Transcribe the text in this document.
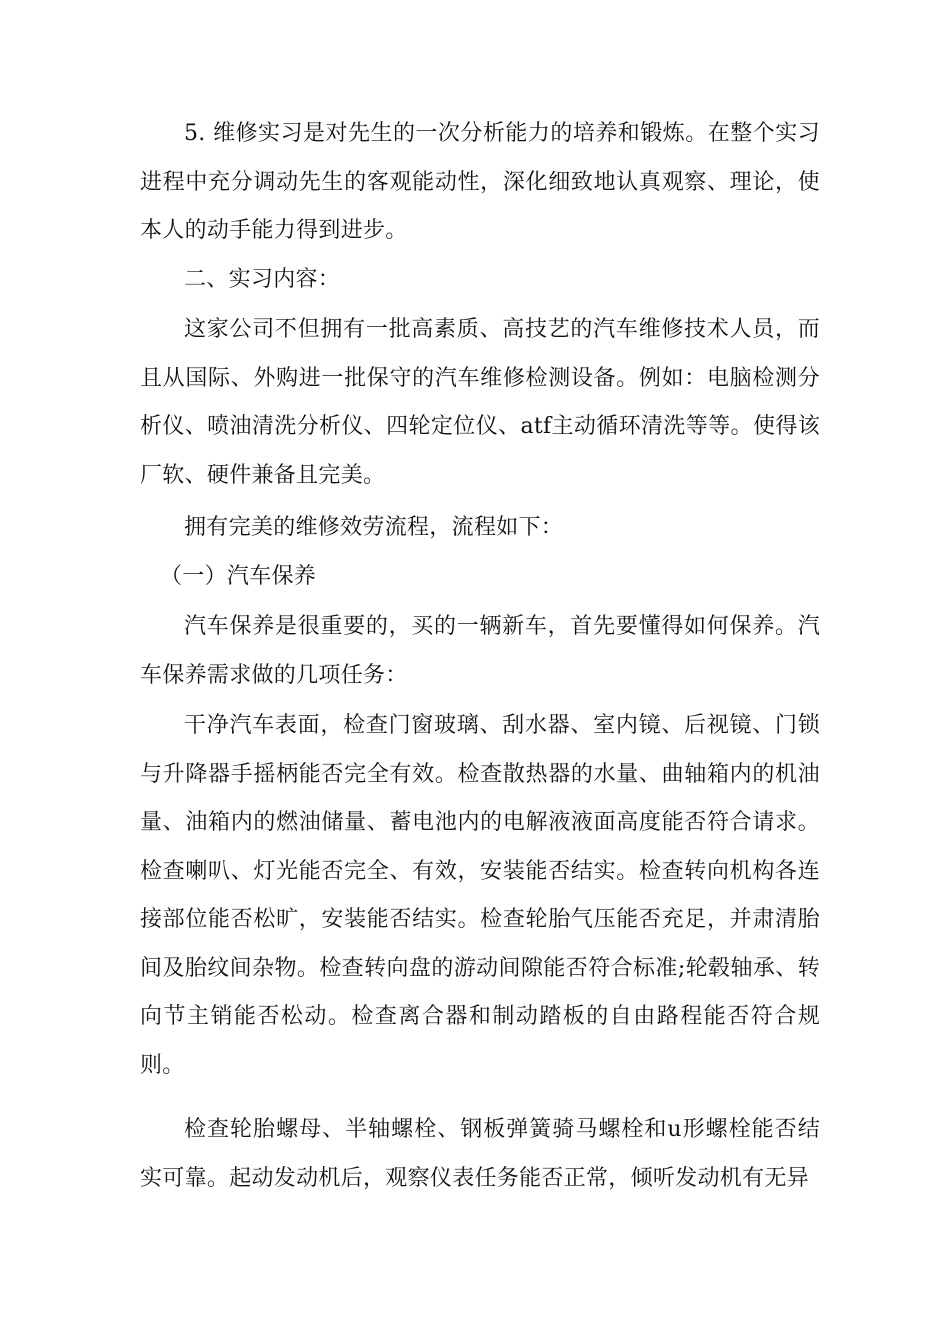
5. 维修实习是对先生的一次分析能力的培养和锻炼。在整个实习进程中充分调动先生的客观能动性，深化细致地认真观察、理论，使本人的动手能力得到进步。

二、实习内容：

这家公司不但拥有一批高素质、高技艺的汽车维修技术人员，而且从国际、外购进一批保守的汽车维修检测设备。例如：电脑检测分析仪、喷油清洗分析仪、四轮定位仪、atf主动循环清洗等等。使得该厂软、硬件兼备且完美。

拥有完美的维修效劳流程，流程如下：

（一）汽车保养

汽车保养是很重要的，买的一辆新车，首先要懂得如何保养。汽车保养需求做的几项任务：

干净汽车表面，检查门窗玻璃、刮水器、室内镜、后视镜、门锁与升降器手摇柄能否完全有效。检查散热器的水量、曲轴箱内的机油量、油箱内的燃油储量、蓄电池内的电解液液面高度能否符合请求。检查喇叭、灯光能否完全、有效，安装能否结实。检查转向机构各连接部位能否松旷，安装能否结实。检查轮胎气压能否充足，并肃清胎间及胎纹间杂物。检查转向盘的游动间隙能否符合标准;轮毂轴承、转向节主销能否松动。检查离合器和制动踏板的自由路程能否符合规则。

检查轮胎螺母、半轴螺栓、钢板弹簧骑马螺栓和u形螺栓能否结实可靠。起动发动机后，观察仪表任务能否正常，倾听发动机有无异
